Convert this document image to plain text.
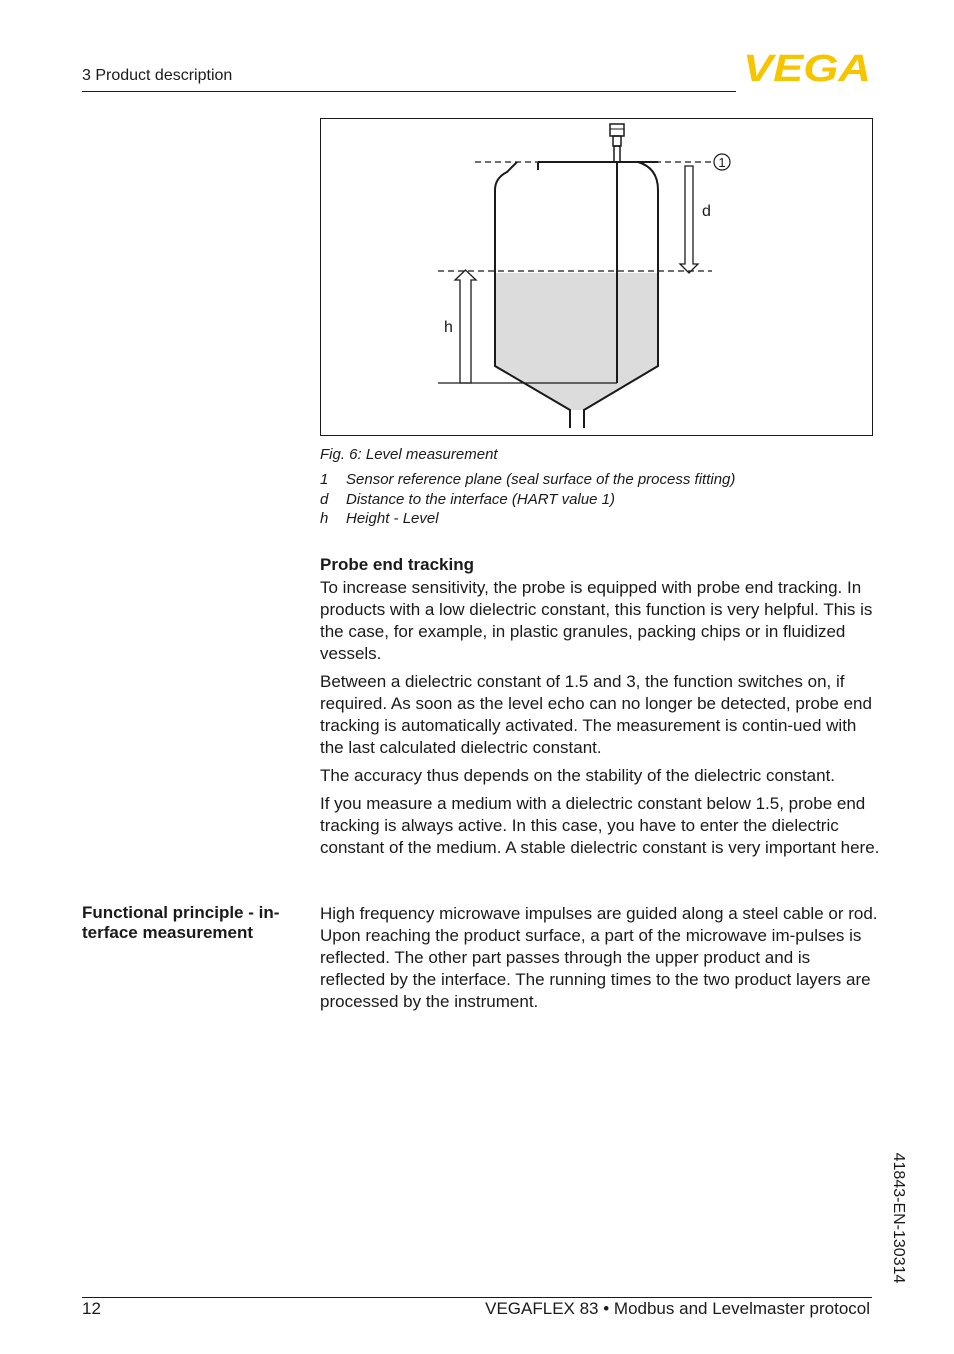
3 Product description	VEGA
1
d
h
Fig. 6: Level measurement
1	Sensor reference plane (seal surface of the process fitting)
d	Distance to the interface (HART value 1)
h	Height - Level
Probe end tracking

To increase sensitivity, the probe is equipped with probe end tracking. In products with a low dielectric constant, this function is very helpful. This is the case, for example, in plastic granules, packing chips or in fluidized vessels.

Between a dielectric constant of 1.5 and 3, the function switches on, if required. As soon as the level echo can no longer be detected, probe end tracking is automatically activated. The measurement is contin-ued with the last calculated dielectric constant.

The accuracy thus depends on the stability of the dielectric constant.

If you measure a medium with a dielectric constant below 1.5, probe end tracking is always active. In this case, you have to enter the dielectric constant of the medium. A stable dielectric constant is very important here.

Functional principle - in-
terface measurement

High frequency microwave impulses are guided along a steel cable or rod. Upon reaching the product surface, a part of the microwave im-pulses is reflected. The other part passes through the upper product and is reflected by the interface. The running times to the two product layers are processed by the instrument.

41843-EN-130314
12	VEGAFLEX 83 • Modbus and Levelmaster protocol
